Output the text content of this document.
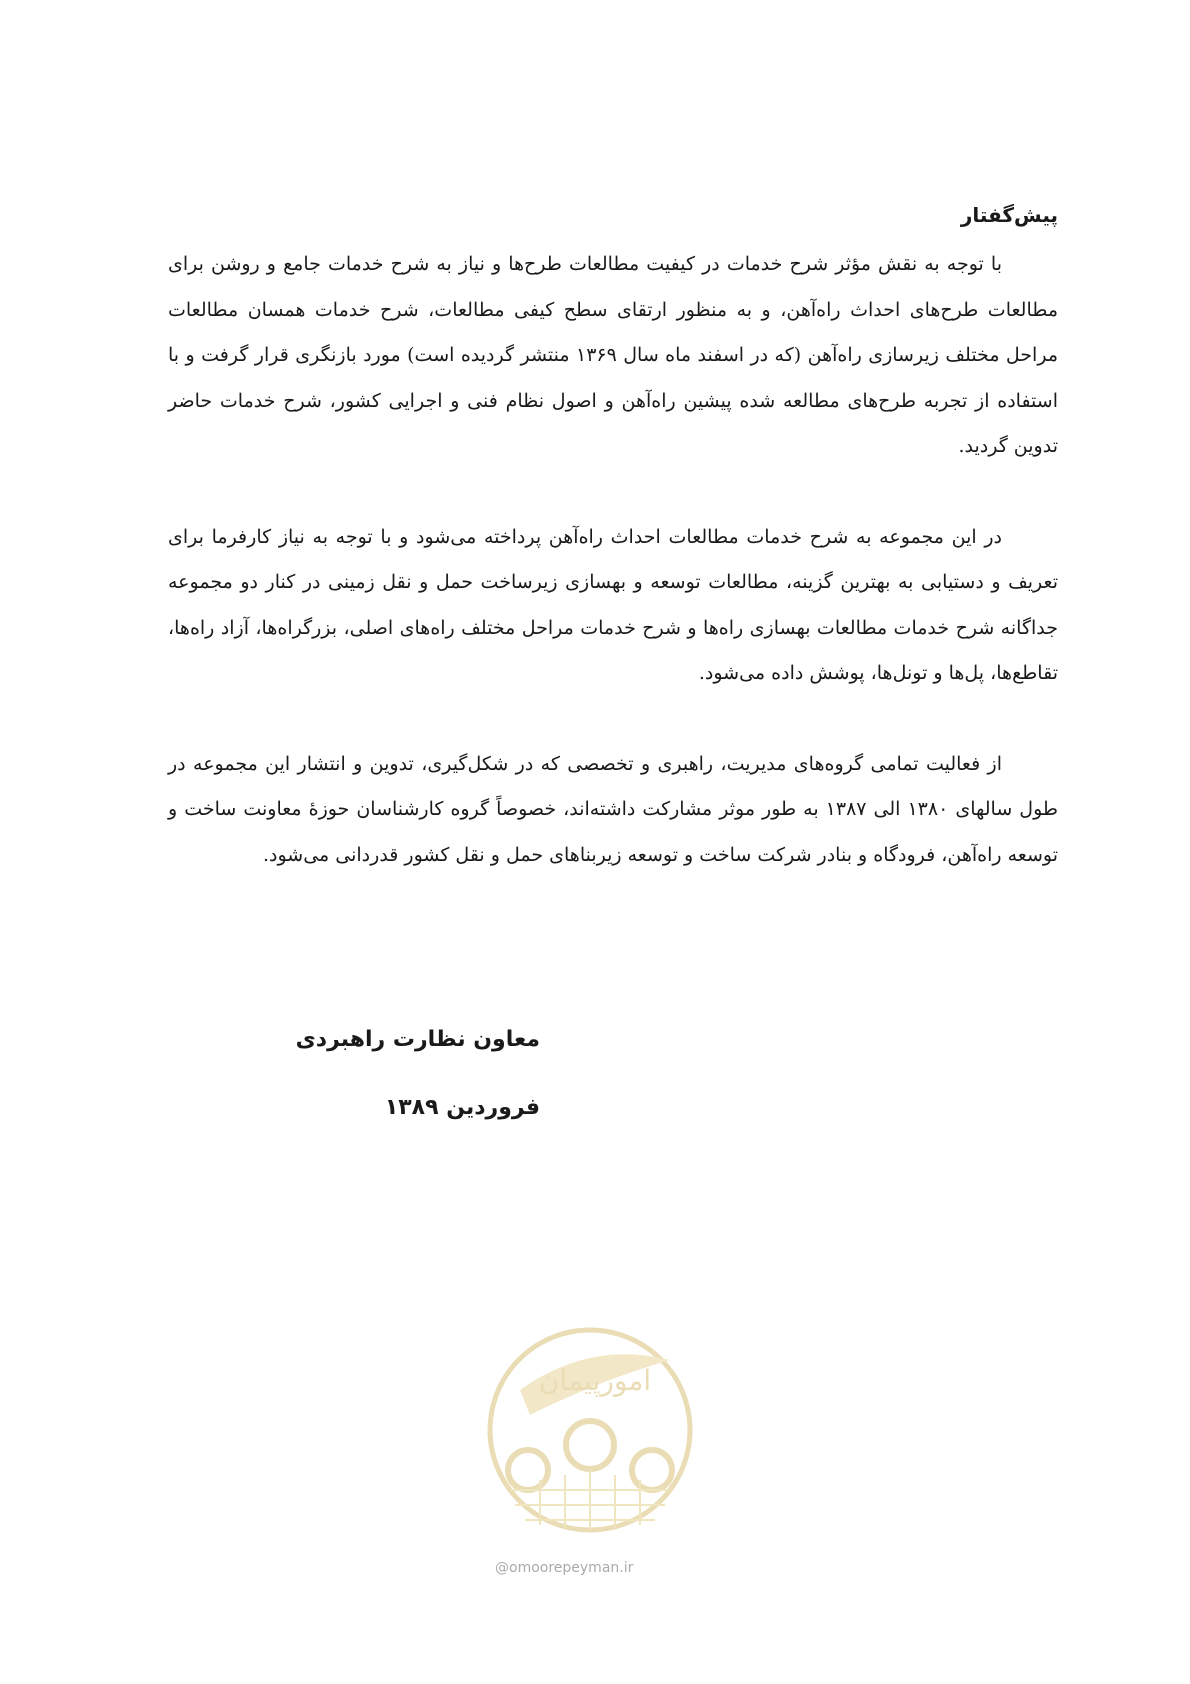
پیش‌گفتار

با توجه به نقش مؤثر شرح خدمات در کیفیت مطالعات طرح‌ها و نیاز به شرح خدمات جامع و روشن برای مطالعات طرح‌های احداث راه‌آهن، و به منظور ارتقای سطح کیفی مطالعات، شرح خدمات همسان مطالعات مراحل مختلف زیرسازی راه‌آهن (که در اسفند ماه سال ۱۳۶۹ منتشر گردیده است) مورد بازنگری قرار گرفت و با استفاده از تجربه طرح‌های مطالعه شده پیشین راه‌آهن و اصول نظام فنی و اجرایی کشور، شرح خدمات حاضر تدوین گردید.

در این مجموعه به شرح خدمات مطالعات احداث راه‌آهن پرداخته می‌شود و با توجه به نیاز کارفرما برای تعریف و دستیابی به بهترین گزینه، مطالعات توسعه و بهسازی زیرساخت حمل و نقل زمینی در کنار دو مجموعه جداگانه شرح خدمات مطالعات بهسازی راه‌ها و شرح خدمات مراحل مختلف راه‌های اصلی، بزرگراه‌ها، آزاد راه‌ها، تقاطع‌ها، پل‌ها و تونل‌ها، پوشش داده می‌شود.

از فعالیت تمامی گروه‌های مدیریت، راهبری و تخصصی که در شکل‌گیری، تدوین و انتشار این مجموعه در طول سالهای ۱۳۸۰ الی ۱۳۸۷ به طور موثر مشارکت داشته‌اند، خصوصاً گروه کارشناسان حوزهٔ معاونت ساخت و توسعه راه‌آهن، فرودگاه و بنادر شرکت ساخت و توسعه زیربناهای حمل و نقل کشور قدردانی می‌شود.

معاون نظارت راهبردی
فروردین ۱۳۸۹
امورپیمان
@omoorepeyman.ir
